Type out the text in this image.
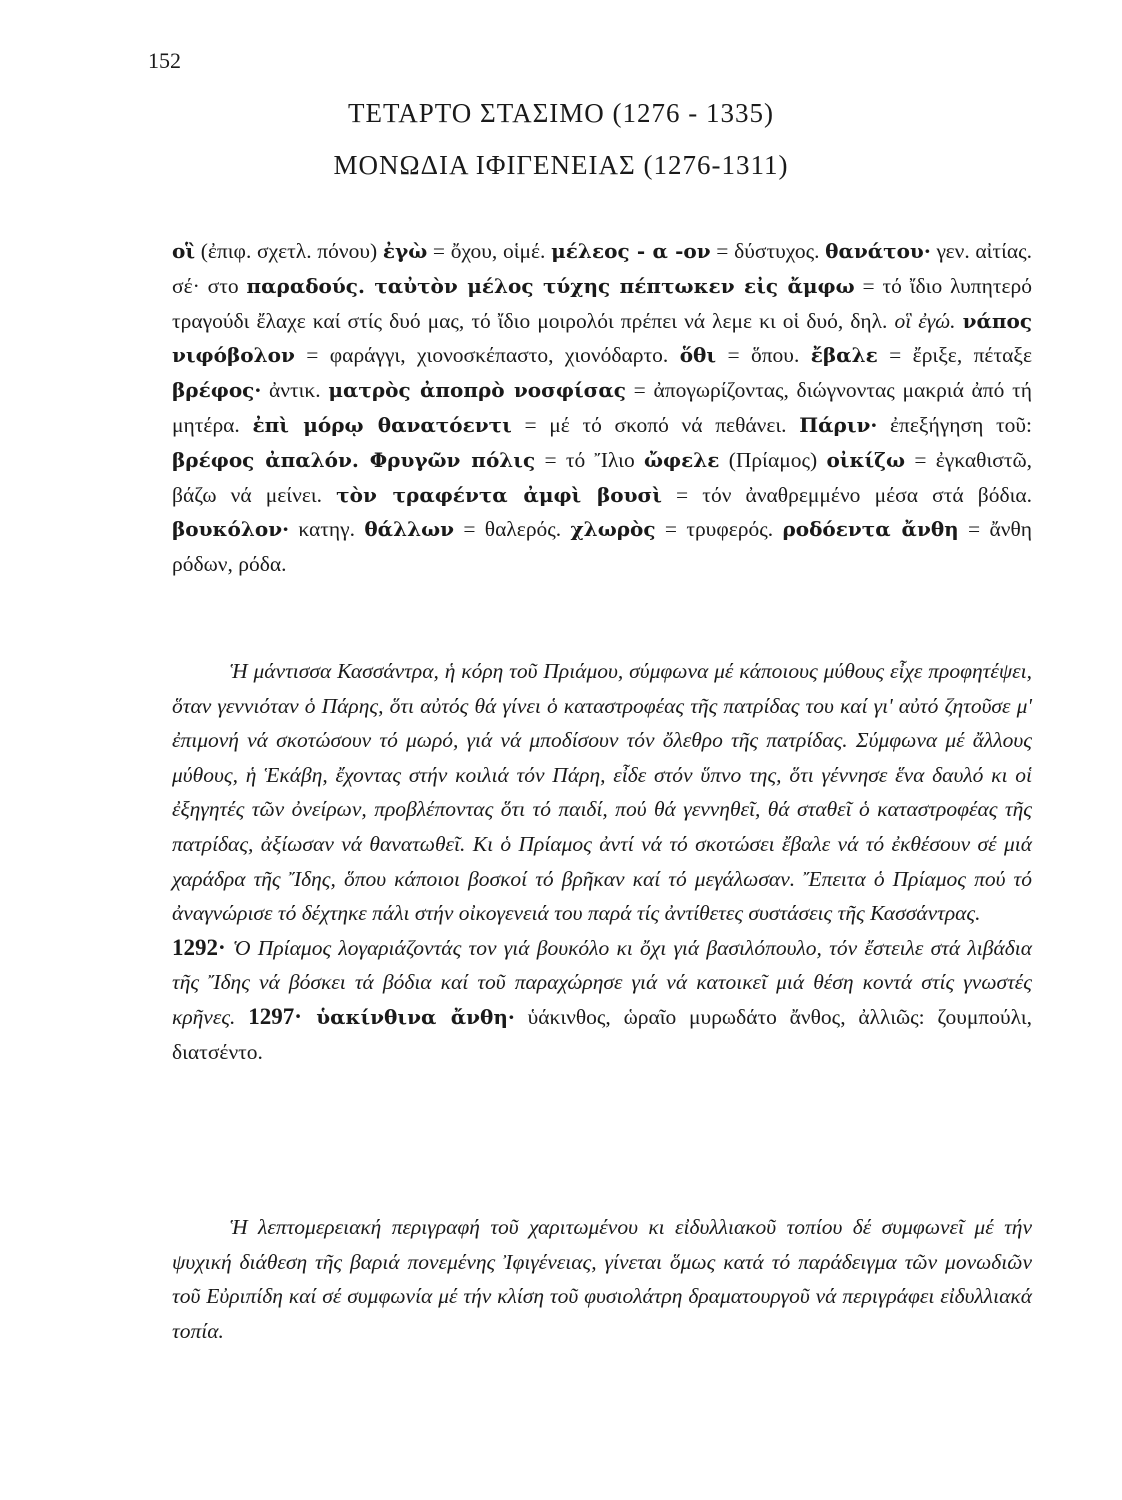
152
ΤΕΤΑΡΤΟ ΣΤΑΣΙΜΟ (1276 - 1335)
ΜΟΝΩΔΙΑ ΙΦΙΓΕΝΕΙΑΣ (1276-1311)

οἳ (ἐπιφ. σχετλ. πόνου) ἐγὼ = ὄχου, οἱμέ. μέλεος - α -ον = δύστυχος. θανάτου· γεν. αἰτίας. σέ· στο παραδούς. ταὐτὸν μέλος τύχης πέπτωκεν εἰς ἄμφω = τό ἴδιο λυπητερό τραγούδι ἔλαχε καί στίς δυό μας, τό ἴδιο μοιρολόι πρέπει νά λεμε κι οἱ δυό, δηλ. οἳ ἐγώ. νάπος νιφόβολον = φαράγγι, χιονοσκέπαστο, χιονόδαρτο. ὅθι = ὅπου. ἔβαλε = ἔριξε, πέταξε βρέφος· ἀντικ. ματρὸς ἀποπρὸ νοσφίσας = ἀπογωρίζοντας, διώγνοντας μακριά ἀπό τή μητέρα. ἐπὶ μόρῳ θανατόεντι = μέ τό σκοπό νά πεθάνει. Πάριν· ἐπεξήγηση τοῦ: βρέφος ἀπαλόν. Φρυγῶν πόλις = τό Ἴλιο ὤφελε (Πρίαμος) οἰκίζω = ἐγκαθιστῶ, βάζω νά μείνει. τὸν τραφέντα ἀμφὶ βουσὶ = τόν ἀναθρεμμένο μέσα στά βόδια. βουκόλον· κατηγ. θάλλων = θαλερός. χλωρὸς = τρυφερός. ροδόεντα ἄνθη = ἄνθη ρόδων, ρόδα.

Ἡ μάντισσα Κασσάντρα, ἡ κόρη τοῦ Πριάμου, σύμφωνα μέ κάποιους μύθους εἶχε προφητέψει, ὅταν γεννιόταν ὁ Πάρης, ὅτι αὐτός θά γίνει ὁ καταστροφέας τῆς πατρίδας του καί γι' αὐτό ζητοῦσε μ' ἐπιμονή νά σκοτώσουν τό μωρό, γιά νά μποδίσουν τόν ὄλεθρο τῆς πατρίδας. Σύμφωνα μέ ἄλλους μύθους, ἡ Ἑκάβη, ἔχοντας στήν κοιλιά τόν Πάρη, εἶδε στόν ὕπνο της, ὅτι γέννησε ἕνα δαυλό κι οἱ ἐξηγητές τῶν ὀνείρων, προβλέποντας ὅτι τό παιδί, πού θά γεννηθεῖ, θά σταθεῖ ὁ καταστροφέας τῆς πατρίδας, ἀξίωσαν νά θανατωθεῖ. Κι ὁ Πρίαμος ἀντί νά τό σκοτώσει ἔβαλε νά τό ἐκθέσουν σέ μιά χαράδρα τῆς Ἴδης, ὅπου κάποιοι βοσκοί τό βρῆκαν καί τό μεγάλωσαν. Ἔπειτα ὁ Πρίαμος πού τό ἀναγνώρισε τό δέχτηκε πάλι στήν οἰκογενειά του παρά τίς ἀντίθετες συστάσεις τῆς Κασσάντρας.
1292· Ὁ Πρίαμος λογαριάζοντάς τον γιά βουκόλο κι ὄχι γιά βασιλόπουλο, τόν ἔστειλε στά λιβάδια τῆς Ἴδης νά βόσκει τά βόδια καί τοῦ παραχώρησε γιά νά κατοικεῖ μιά θέση κοντά στίς γνωστές κρῆνες. 1297· ὑακίνθινα ἄνθη· ὑάκινθος, ὡραῖο μυρωδάτο ἄνθος, ἀλλιῶς: ζουμπούλι, διατσέντο.

Ἡ λεπτομερειακή περιγραφή τοῦ χαριτωμένου κι εἰδυλλιακοῦ τοπίου δέ συμφωνεῖ μέ τήν ψυχική διάθεση τῆς βαριά πονεμένης Ἰφιγένειας, γίνεται ὅμως κατά τό παράδειγμα τῶν μονωδιῶν τοῦ Εὐριπίδη καί σέ συμφωνία μέ τήν κλίση τοῦ φυσιολάτρη δραματουργοῦ νά περιγράφει εἰδυλλιακά τοπία.
